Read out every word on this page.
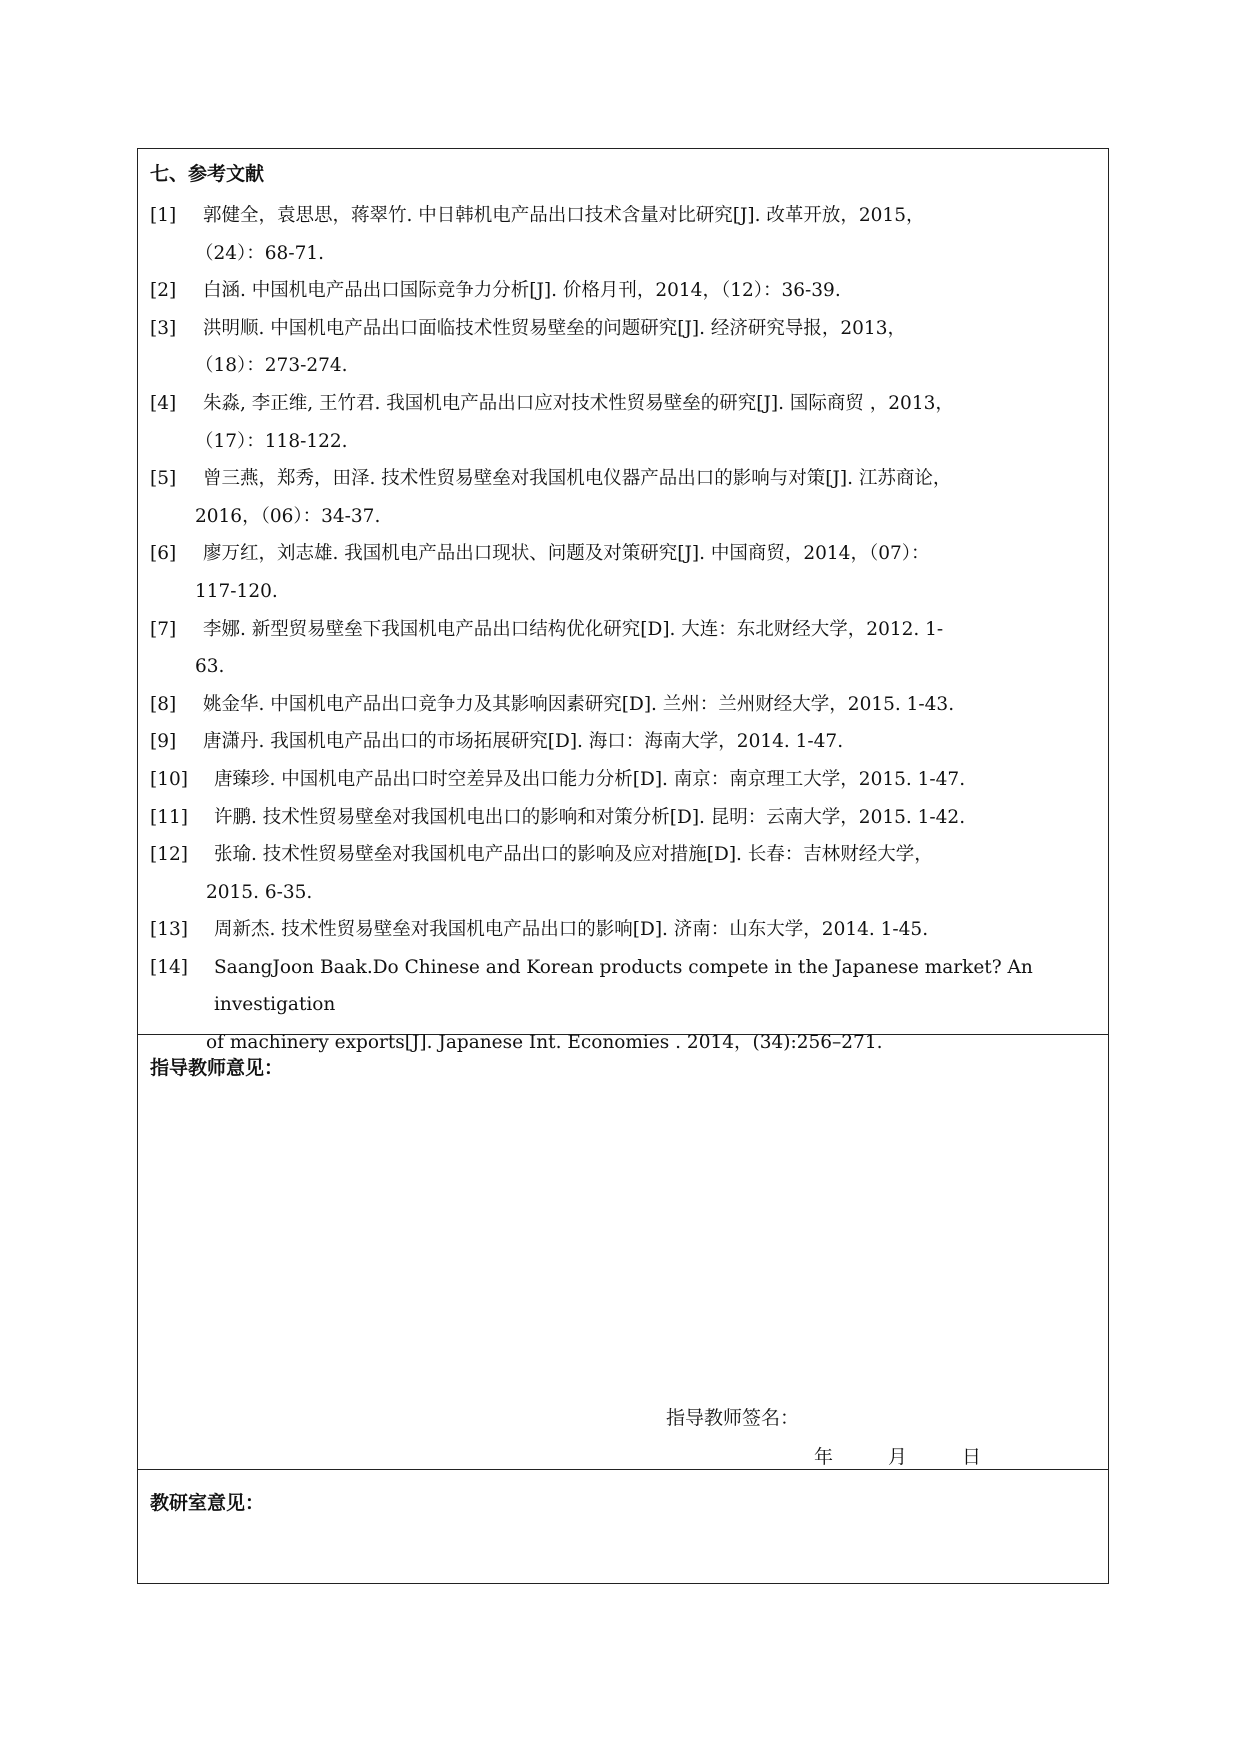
七、参考文献
[1]	郭健全，袁思思，蒋翠竹. 中日韩机电产品出口技术含量对比研究[J]. 改革开放，2015，
（24）：68-71.
[2]	白涵. 中国机电产品出口国际竞争力分析[J]. 价格月刊，2014，（12）：36-39.
[3]	洪明顺. 中国机电产品出口面临技术性贸易壁垒的问题研究[J]. 经济研究导报，2013，
（18）：273-274.
[4]	朱淼, 李正维, 王竹君. 我国机电产品出口应对技术性贸易壁垒的研究[J]. 国际商贸 ，2013，
（17）：118-122.
[5]	曾三燕，郑秀，田泽. 技术性贸易壁垒对我国机电仪器产品出口的影响与对策[J]. 江苏商论，
2016，（06）：34-37.
[6]	廖万红，刘志雄. 我国机电产品出口现状、问题及对策研究[J]. 中国商贸，2014，（07）：
117-120.
[7]	李娜. 新型贸易壁垒下我国机电产品出口结构优化研究[D]. 大连：东北财经大学，2012. 1-
63.
[8]	姚金华. 中国机电产品出口竞争力及其影响因素研究[D]. 兰州：兰州财经大学，2015. 1-43.
[9]	唐潇丹. 我国机电产品出口的市场拓展研究[D]. 海口：海南大学，2014. 1-47.
[10]	唐臻珍. 中国机电产品出口时空差异及出口能力分析[D]. 南京：南京理工大学，2015. 1-47.
[11]	许鹏. 技术性贸易壁垒对我国机电出口的影响和对策分析[D]. 昆明：云南大学，2015. 1-42.
[12]	张瑜. 技术性贸易壁垒对我国机电产品出口的影响及应对措施[D]. 长春：吉林财经大学，
2015. 6-35.
[13]	周新杰. 技术性贸易壁垒对我国机电产品出口的影响[D]. 济南：山东大学，2014. 1-45.
[14]	SaangJoon Baak.Do Chinese and Korean products compete in the Japanese market? An investigation
of machinery exports[J]. Japanese Int. Economies . 2014，(34):256–271.
指导教师意见：
指导教师签名：
年	月	日
教研室意见：
